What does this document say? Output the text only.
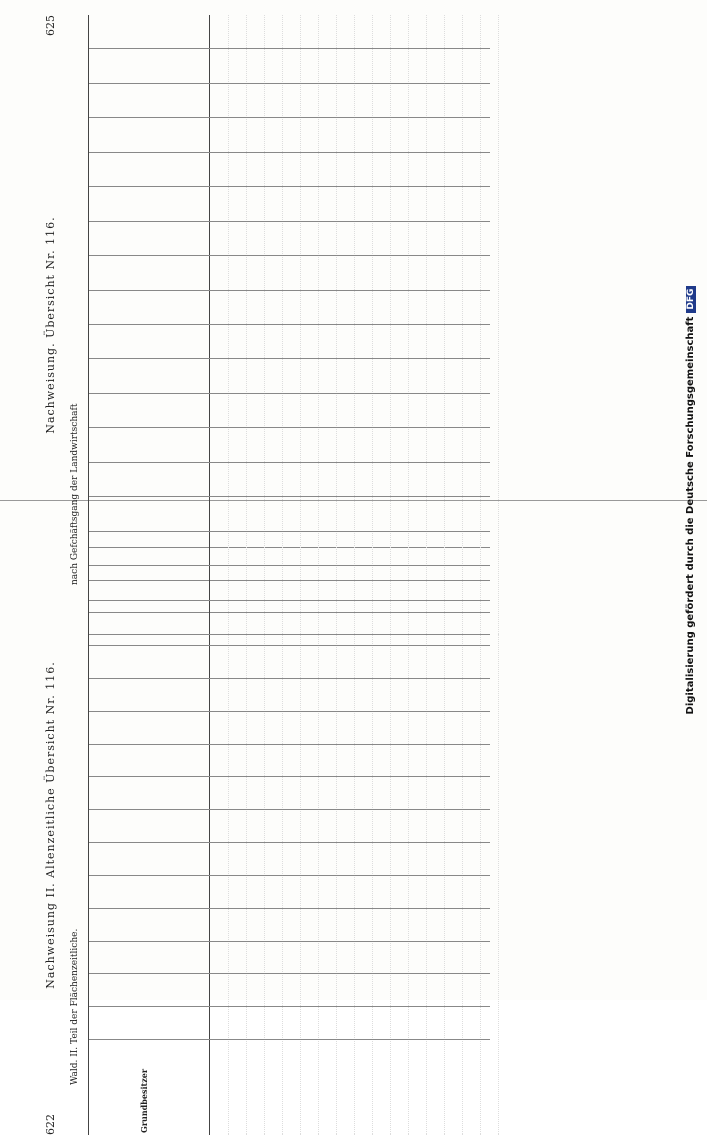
622
Nachweisung II. Altenzeitliche Übersicht Nr. 116.
Wald. II. Teil der Flächenzeitliche.
Grundbesitzer
Nachweisung. Übersicht Nr. 116.
625
nach Gefchäftsgang der Landwirtschaft	Digitalisierung gefördert durch die Deutsche ForschungsgemeinschaftDFG
